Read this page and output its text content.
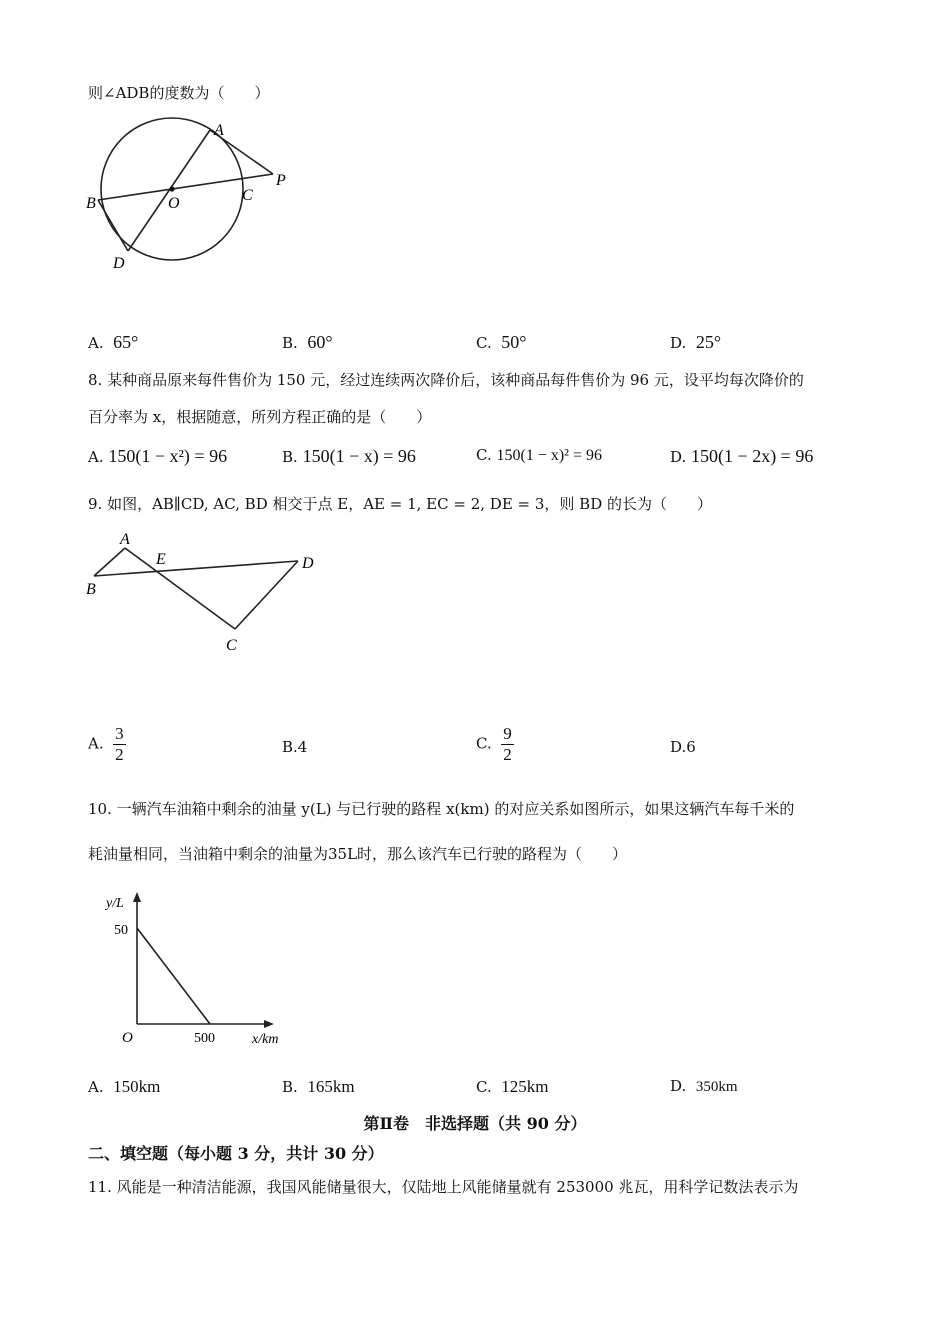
则∠ADB的度数为（　　）
A
B	O	C
P
D
A. 65°	B. 60°	C. 50°	D. 25°
8. 某种商品原来每件售价为 150 元，经过连续两次降价后，该种商品每件售价为 96 元，设平均每次降价的
百分率为 x，根据随意，所列方程正确的是（　　）
A. 150(1 − x²) = 96	B. 150(1 − x) = 96	C. 150(1 − x)² = 96	D. 150(1 − 2x) = 96
9. 如图，AB∥CD, AC, BD 相交于点 E，AE = 1, EC = 2, DE = 3，则 BD 的长为（　　）
A
B
E	D
C
A. $\frac{3}{2}$	B.4	C. $\frac{9}{2}$	D.6
10. 一辆汽车油箱中剩余的油量 y(L) 与已行驶的路程 x(km) 的对应关系如图所示，如果这辆汽车每千米的
耗油量相同，当油箱中剩余的油量为35L时，那么该汽车已行驶的路程为（　　）
y/L
50
O	500	x/km
A. 150km	B. 165km	C. 125km	D. 350km
第Ⅱ卷　非选择题（共 90 分）
二、填空题（每小题 3 分，共计 30 分）
11. 风能是一种清洁能源，我国风能储量很大，仅陆地上风能储量就有 253000 兆瓦，用科学记数法表示为
